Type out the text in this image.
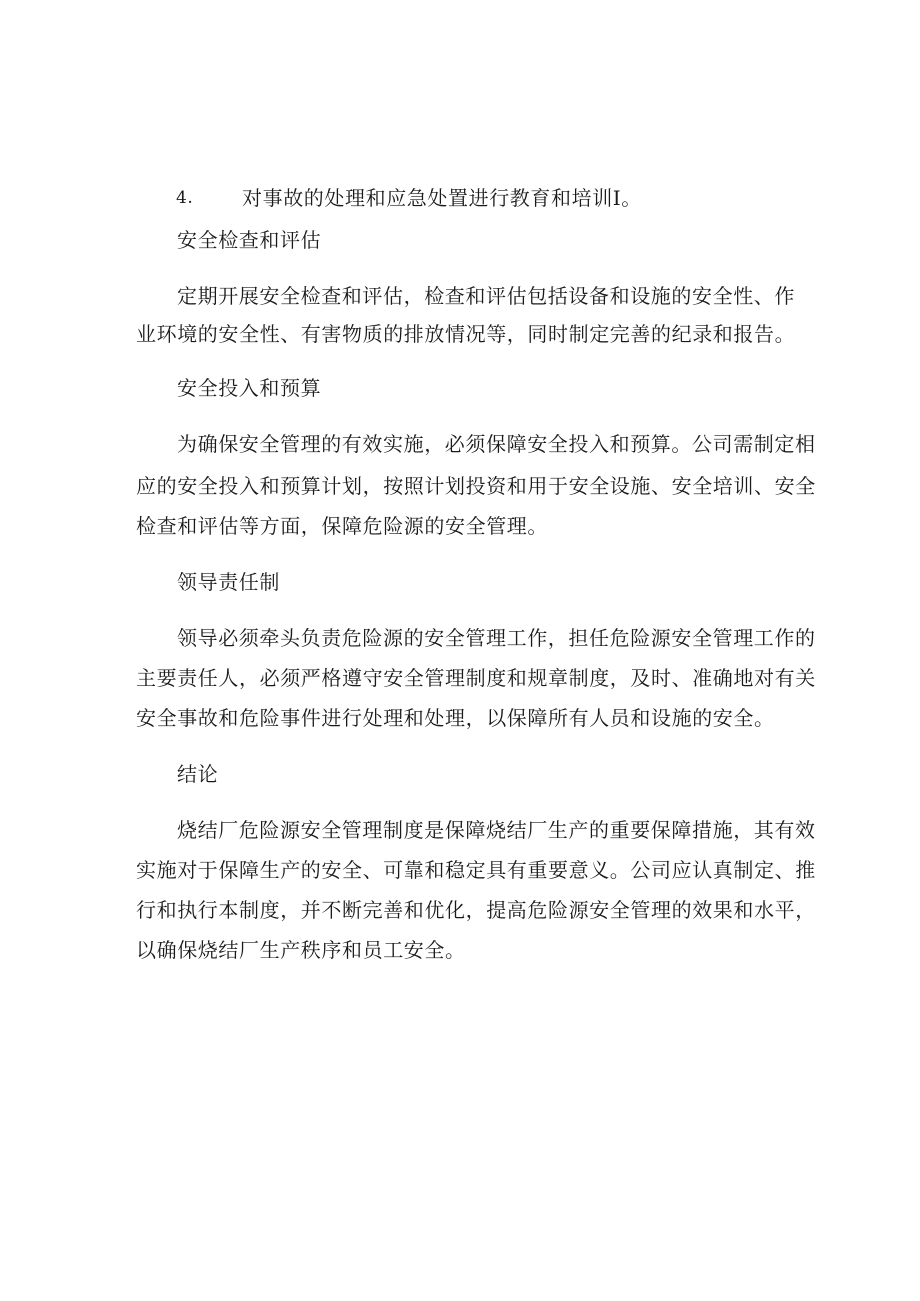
4. 对事故的处理和应急处置进行教育和培训I。
安全检查和评估
定期开展安全检查和评估，检查和评估包括设备和设施的安全性、作
业环境的安全性、有害物质的排放情况等，同时制定完善的纪录和报告。
安全投入和预算
为确保安全管理的有效实施，必须保障安全投入和预算。公司需制定相
应的安全投入和预算计划，按照计划投资和用于安全设施、安全培训、安全
检查和评估等方面，保障危险源的安全管理。
领导责任制
领导必须牵头负责危险源的安全管理工作，担任危险源安全管理工作的
主要责任人，必须严格遵守安全管理制度和规章制度，及时、准确地对有关
安全事故和危险事件进行处理和处理，以保障所有人员和设施的安全。
结论
烧结厂危险源安全管理制度是保障烧结厂生产的重要保障措施，其有效
实施对于保障生产的安全、可靠和稳定具有重要意义。公司应认真制定、推
行和执行本制度，并不断完善和优化，提高危险源安全管理的效果和水平，
以确保烧结厂生产秩序和员工安全。
